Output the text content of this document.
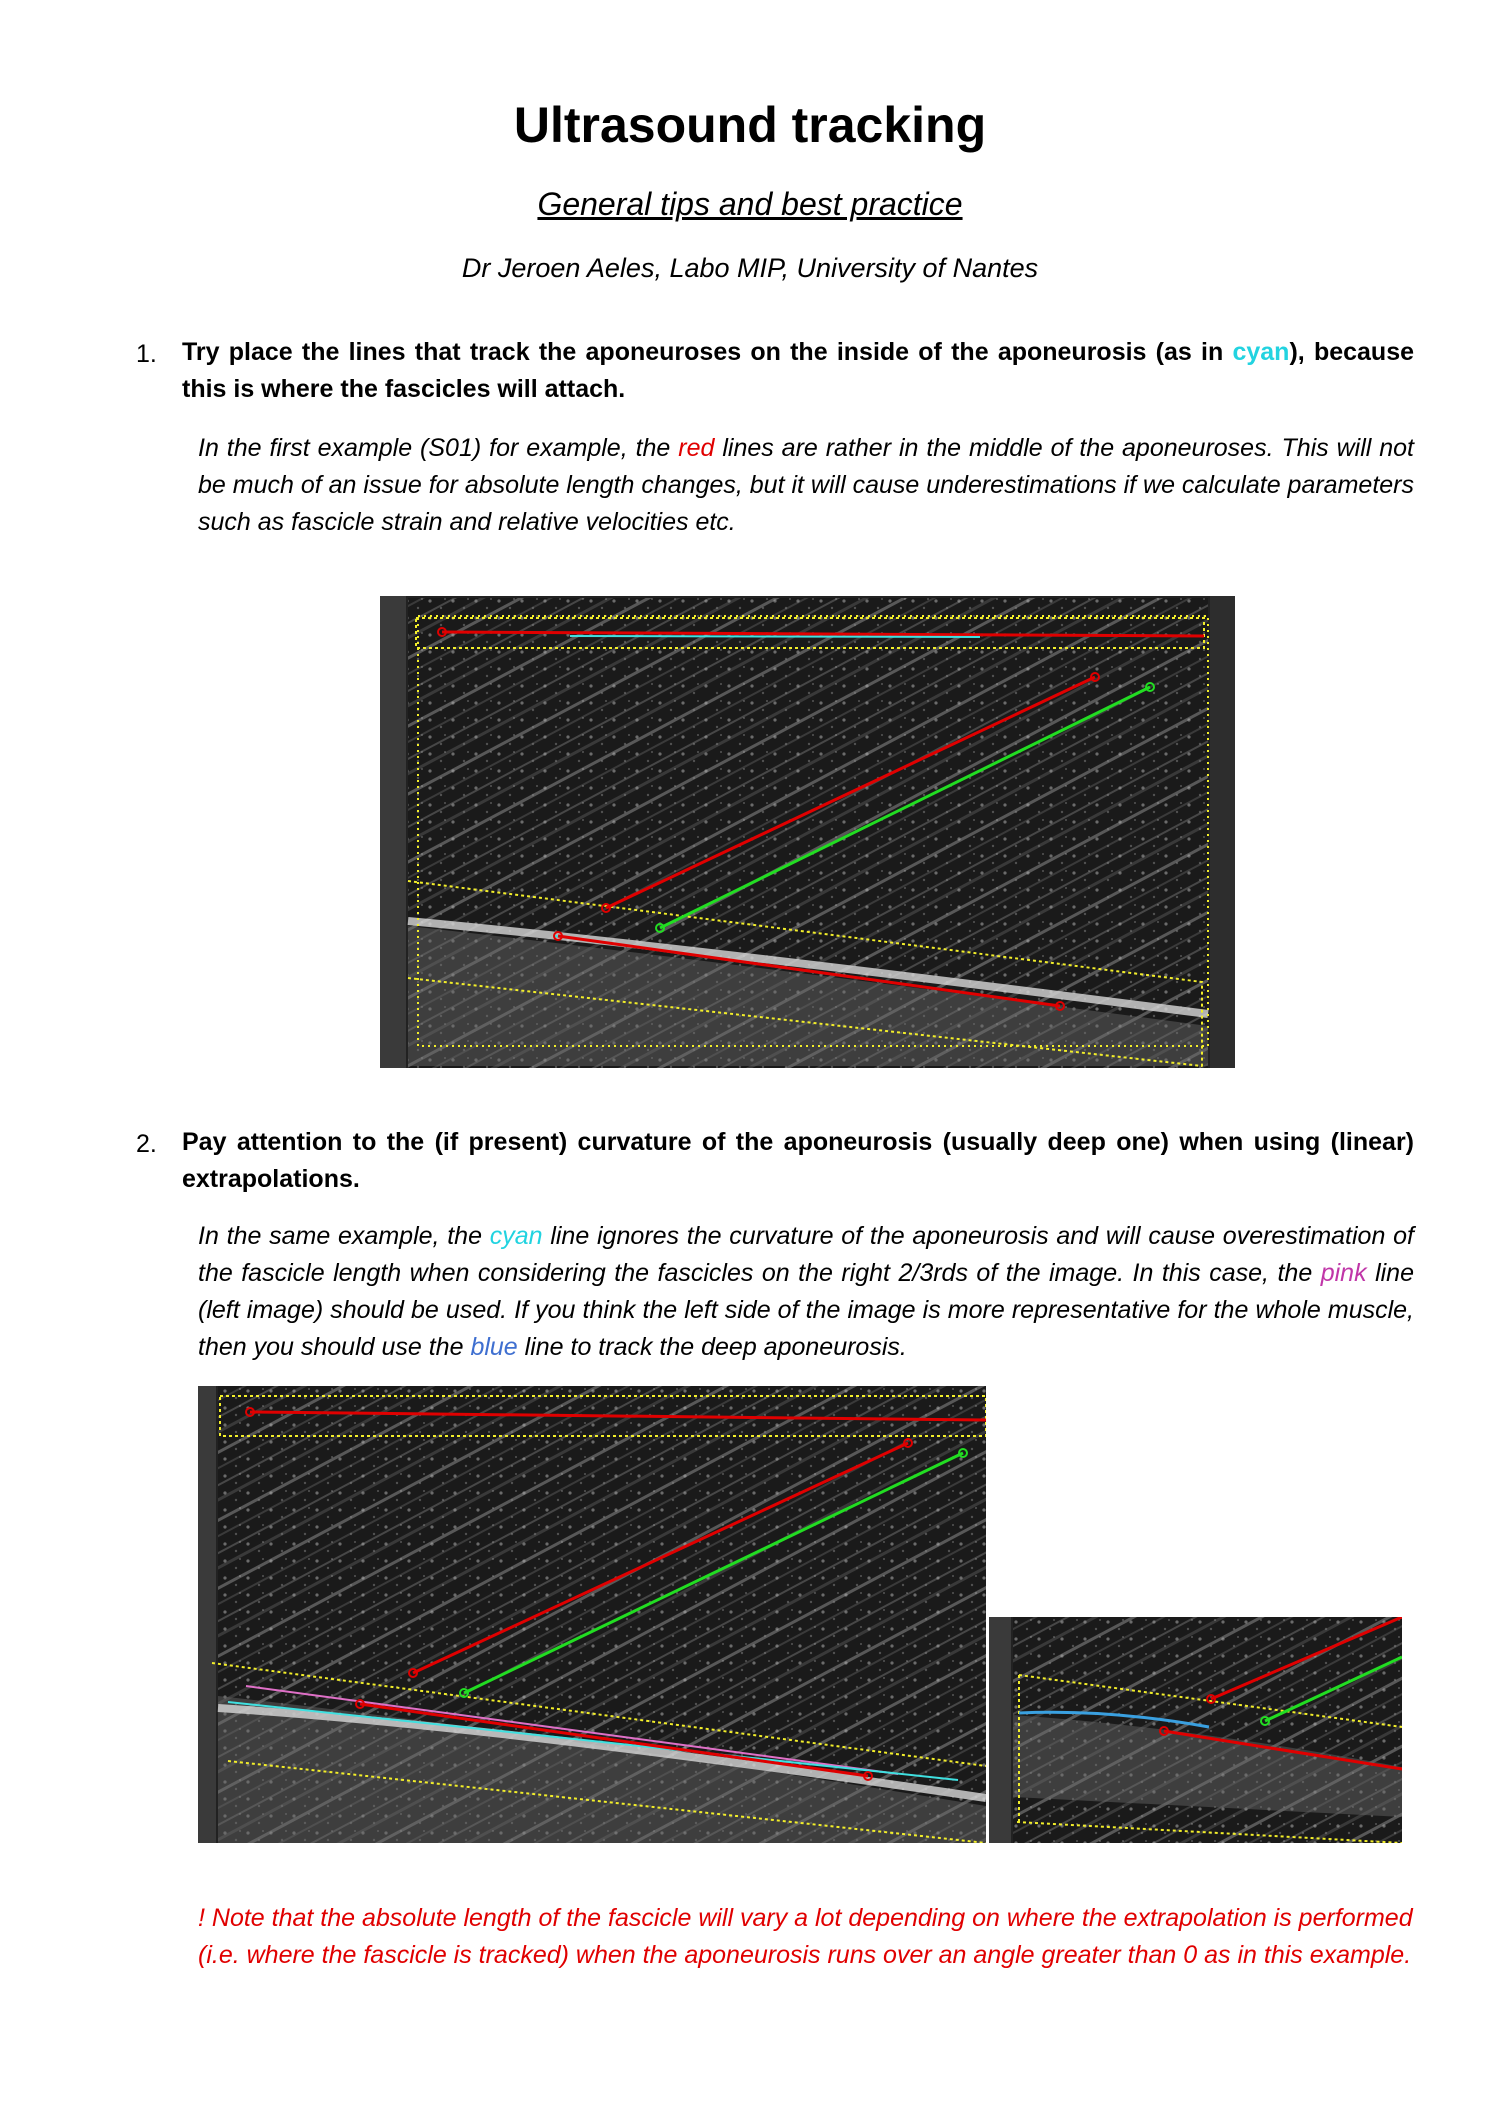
Ultrasound tracking
General tips and best practice
Dr Jeroen Aeles, Labo MIP, University of Nantes
1. Try place the lines that track the aponeuroses on the inside of the aponeurosis (as in cyan), because this is where the fascicles will attach.
In the first example (S01) for example, the red lines are rather in the middle of the aponeuroses. This will not be much of an issue for absolute length changes, but it will cause underestimations if we calculate parameters such as fascicle strain and relative velocities etc.
2. Pay attention to the (if present) curvature of the aponeurosis (usually deep one) when using (linear) extrapolations.
In the same example, the cyan line ignores the curvature of the aponeurosis and will cause overestimation of the fascicle length when considering the fascicles on the right 2/3rds of the image. In this case, the pink line (left image) should be used. If you think the left side of the image is more representative for the whole muscle, then you should use the blue line to track the deep aponeurosis.
! Note that the absolute length of the fascicle will vary a lot depending on where the extrapolation is performed (i.e. where the fascicle is tracked) when the aponeurosis runs over an angle greater than 0 as in this example.
